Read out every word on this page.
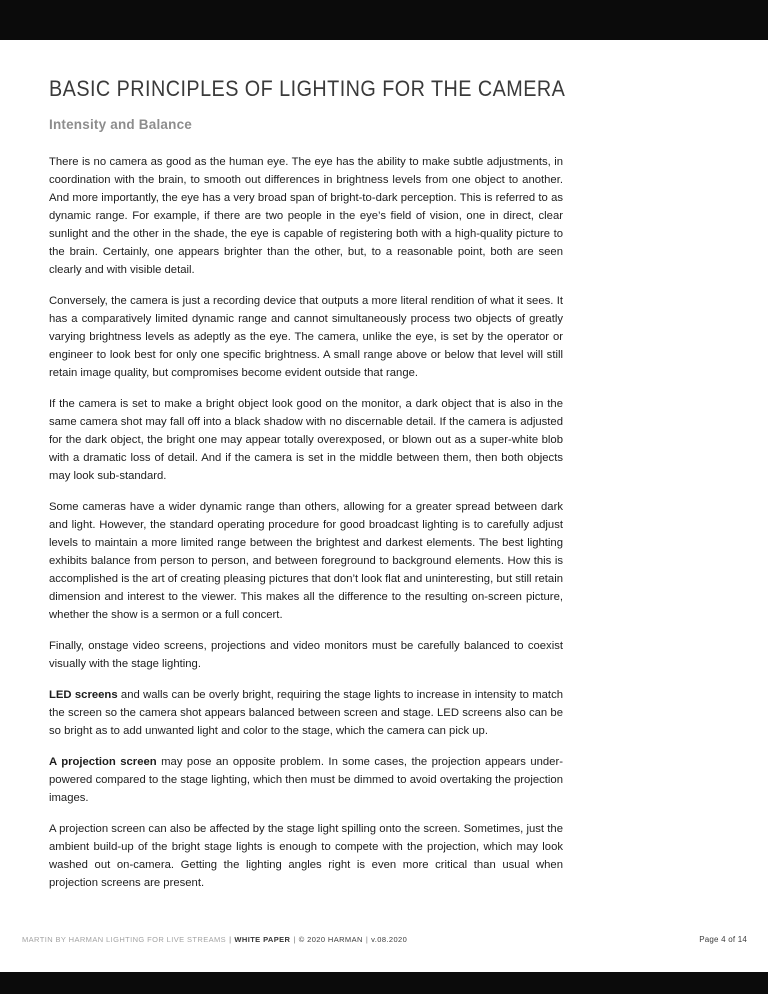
BASIC PRINCIPLES OF LIGHTING FOR THE CAMERA
Intensity and Balance

There is no camera as good as the human eye. The eye has the ability to make subtle adjustments, in coordination with the brain, to smooth out differences in brightness levels from one object to another. And more importantly, the eye has a very broad span of bright-to-dark perception. This is referred to as dynamic range. For example, if there are two people in the eye’s field of vision, one in direct, clear sunlight and the other in the shade, the eye is capable of registering both with a high-quality picture to the brain. Certainly, one appears brighter than the other, but, to a reasonable point, both are seen clearly and with visible detail.

Conversely, the camera is just a recording device that outputs a more literal rendition of what it sees. It has a comparatively limited dynamic range and cannot simultaneously process two objects of greatly varying brightness levels as adeptly as the eye. The camera, unlike the eye, is set by the operator or engineer to look best for only one specific brightness. A small range above or below that level will still retain image quality, but compromises become evident outside that range.

If the camera is set to make a bright object look good on the monitor, a dark object that is also in the same camera shot may fall off into a black shadow with no discernable detail. If the camera is adjusted for the dark object, the bright one may appear totally overexposed, or blown out as a super-white blob with a dramatic loss of detail. And if the camera is set in the middle between them, then both objects may look sub-standard.

Some cameras have a wider dynamic range than others, allowing for a greater spread between dark and light. However, the standard operating procedure for good broadcast lighting is to carefully adjust levels to maintain a more limited range between the brightest and darkest elements. The best lighting exhibits balance from person to person, and between foreground to background elements. How this is accomplished is the art of creating pleasing pictures that don’t look flat and uninteresting, but still retain dimension and interest to the viewer. This makes all the difference to the resulting on-screen picture, whether the show is a sermon or a full concert.

Finally, onstage video screens, projections and video monitors must be carefully balanced to coexist visually with the stage lighting.

LED screens and walls can be overly bright, requiring the stage lights to increase in intensity to match the screen so the camera shot appears balanced between screen and stage. LED screens also can be so bright as to add unwanted light and color to the stage, which the camera can pick up.

A projection screen may pose an opposite problem. In some cases, the projection appears under-powered compared to the stage lighting, which then must be dimmed to avoid overtaking the projection images.

A projection screen can also be affected by the stage light spilling onto the screen. Sometimes, just the ambient build-up of the bright stage lights is enough to compete with the projection, which may look washed out on-camera. Getting the lighting angles right is even more critical than usual when projection screens are present.

MARTIN BY HARMAN LIGHTING FOR LIVE STREAMS | WHITE PAPER | © 2020 HARMAN | v.08.2020	Page 4 of 14
